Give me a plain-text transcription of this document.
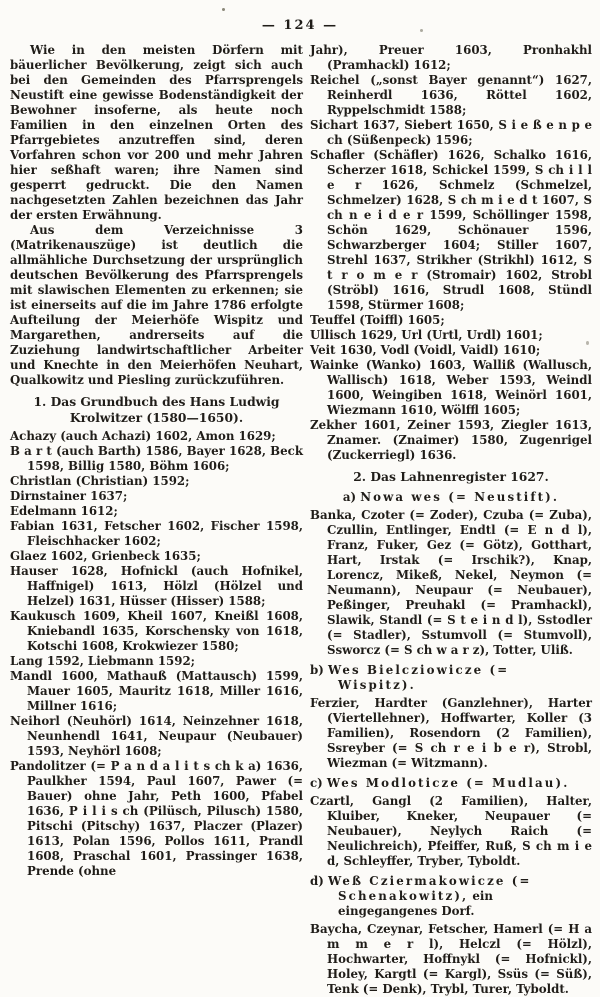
— 124 —

Wie in den meisten Dörfern mit bäuerlicher Bevölkerung, zeigt sich auch bei den Gemeinden des Pfarrsprengels Neustift eine gewisse Bodenständigkeit der Bewohner insoferne, als heute noch Familien in den einzelnen Orten des Pfarrgebietes anzutreffen sind, deren Vorfahren schon vor 200 und mehr Jahren hier seßhaft waren; ihre Namen sind gesperrt gedruckt. Die den Namen nachgesetzten Zahlen bezeichnen das Jahr der ersten Erwähnung.

Aus dem Verzeichnisse 3 (Matrikenauszüge) ist deutlich die allmähliche Durchsetzung der ursprünglich deutschen Bevölkerung des Pfarrsprengels mit slawischen Elementen zu erkennen; sie ist einerseits auf die im Jahre 1786 erfolgte Aufteilung der Meierhöfe Wispitz und Margarethen, andrerseits auf die Zuziehung landwirtschaftlicher Arbeiter und Knechte in den Meierhöfen Neuhart, Qualkowitz und Piesling zurückzuführen.

1. Das Grundbuch des Hans Ludwig Krolwitzer (1580—1650).
Achazy (auch Achazi) 1602, Amon 1629;
B a r t (auch Barth) 1586, Bayer 1628, Beck 1598, Billig 1580, Böhm 1606;
Christlan (Christian) 1592;
Dirnstainer 1637;
Edelmann 1612;
Fabian 1631, Fetscher 1602, Fischer 1598, Fleischhacker 1602;
Glaez 1602, Grienbeck 1635;
Hauser 1628, Hofnickl (auch Hofnikel, Haffnigel) 1613, Hölzl (Hölzel und Helzel) 1631, Hüsser (Hisser) 1588;
Kaukusch 1609, Kheil 1607, Kneißl 1608, Kniebandl 1635, Korschensky von 1618, Kotschi 1608, Krokwiezer 1580;
Lang 1592, Liebmann 1592;
Mandl 1600, Mathauß (Mattausch) 1599, Mauer 1605, Mauritz 1618, Miller 1616, Millner 1616;
Neihorl (Neuhörl) 1614, Neinzehner 1618, Neunhendl 1641, Neupaur (Neubauer) 1593, Neyhörl 1608;
Pandolitzer (= P a n d a l i t s ch k a) 1636, Paulkher 1594, Paul 1607, Pawer (= Bauer) ohne Jahr, Peth 1600, Pfabel 1636, P i l i s ch (Pilüsch, Pilusch) 1580, Pitschi (Pitschy) 1637, Placzer (Plazer) 1613, Polan 1596, Pollos 1611, Prandl 1608, Praschal 1601, Prassinger 1638, Prende (ohne
Jahr), Preuer 1603, Pronhakhl (Pramhackl) 1612;
Reichel („sonst Bayer genannt“) 1627, Reinherdl 1636, Röttel 1602, Ryppelschmidt 1588;
Sichart 1637, Siebert 1650, S i e ß e n p e ch (Süßenpeck) 1596;
Schafler (Schäfler) 1626, Schalko 1616, Scherzer 1618, Schickel 1599, S ch i l l e r 1626, Schmelz (Schmelzel, Schmelzer) 1628, S ch m i e d t 1607, S ch n e i d e r 1599, Schöllinger 1598, Schön 1629, Schönauer 1596, Schwarzberger 1604; Stiller 1607, Strehl 1637, Strikher (Strikhl) 1612, S t r o m e r (Stromair) 1602, Strobl (Ströbl) 1616, Strudl 1608, Stündl 1598, Stürmer 1608;
Teuffel (Toiffl) 1605;
Ullisch 1629, Url (Urtl, Urdl) 1601;
Veit 1630, Vodl (Voidl, Vaidl) 1610;
Wainke (Wanko) 1603, Walliß (Wallusch, Wallisch) 1618, Weber 1593, Weindl 1600, Weingiben 1618, Weinörl 1601, Wiezmann 1610, Wölffl 1605;
Zekher 1601, Zeiner 1593, Ziegler 1613, Znamer. (Znaimer) 1580, Zugenrigel (Zuckerriegl) 1636.
2. Das Lahnenregister 1627.
a) Nowa wes (= Neustift).
Banka, Czoter (= Zoder), Czuba (= Zuba), Czullin, Entlinger, Endtl (= E n d l), Franz, Fuker, Gez (= Götz), Gotthart, Hart, Irstak (= Irschik?), Knap, Lorencz, Mikeß, Nekel, Neymon (= Neumann), Neupaur (= Neubauer), Peßinger, Preuhakl (= Pramhackl), Slawik, Standl (= S t e i n d l), Sstodler (= Stadler), Sstumvoll (= Stumvoll), Ssworcz (= S ch w a r z), Totter, Uliß.
b) Wes Bielcziowicze (= Wispitz).
Ferzier, Hardter (Ganzlehner), Harter (Viertellehner), Hoffwarter, Koller (3 Familien), Rosendorn (2 Familien), Ssreyber (= S ch r e i b e r), Strobl, Wiezman (= Witzmann).
c) Wes Modloticze (= Mudlau).
Czartl, Gangl (2 Familien), Halter, Kluiber, Kneker, Neupauer (= Neubauer), Neylych Raich (= Neulichreich), Pfeiffer, Ruß, S ch m i e d, Schleyffer, Tryber, Tyboldt.
d) Weß Cziermakowicze (= Schenakowitz), ein eingegangenes Dorf.
Baycha, Czeynar, Fetscher, Hamerl (= H a m m e r l), Helczl (= Hölzl), Hochwarter, Hoffnykl (= Hofnickl), Holey, Kargtl (= Kargl), Ssüs (= Süß), Tenk (= Denk), Trybl, Turer, Tyboldt.
